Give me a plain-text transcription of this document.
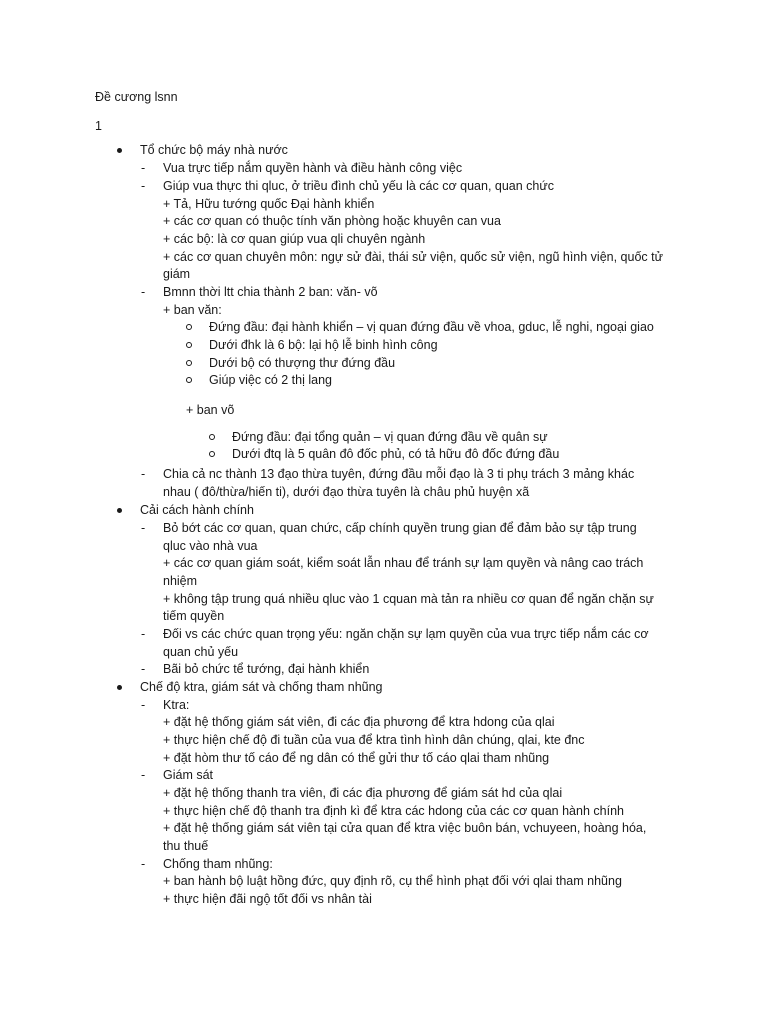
Đề cương lsnn
1
Tổ chức bộ máy nhà nước
- Vua trực tiếp nắm quyền hành và điều hành công việc
- Giúp vua thực thi qluc, ở triều đình chủ yếu là các cơ quan, quan chức
+ Tả, Hữu tướng quốc Đại hành khiển
+ các cơ quan có thuộc tính văn phòng hoặc khuyên can vua
+ các bộ: là cơ quan giúp vua qli chuyên ngành
+ các cơ quan chuyên môn: ngự sử đài, thái sử viện, quốc sử viện, ngũ hình viện, quốc tử
giám
- Bmnn thời ltt chia thành 2 ban: văn- võ
+ ban văn:
Đứng đầu: đại hành khiển – vị quan đứng đầu về vhoa, gduc, lễ nghi, ngoại giao
Dưới đhk là 6 bộ: lại hộ lễ binh hình công
Dưới bộ có thượng thư đứng đầu
Giúp việc có 2 thị lang
+ ban võ
Đứng đầu: đại tổng quản – vị quan đứng đầu về quân sự
Dưới đtq là 5 quân đô đốc phủ, có tả hữu đô đốc đứng đầu
- Chia cả nc thành 13 đạo thừa tuyên, đứng đầu mỗi đạo là 3 ti phụ trách 3 mảng khác
nhau ( đô/thừa/hiến ti), dưới đạo thừa tuyên là châu phủ huyện xã
Cải cách hành chính
- Bỏ bớt các cơ quan, quan chức, cấp chính quyền trung gian để đảm bảo sự tập trung
qluc vào nhà vua
+ các cơ quan giám soát, kiểm soát lẫn nhau để tránh sự lạm quyền và nâng cao trách
nhiệm
+ không tập trung quá nhiều qluc vào 1 cquan mà tản ra nhiều cơ quan để ngăn chặn sự
tiếm quyền
- Đối vs các chức quan trọng yếu: ngăn chặn sự lạm quyền của vua trực tiếp nắm các cơ
quan chủ yếu
- Bãi bỏ chức tể tướng, đại hành khiển
Chế độ ktra, giám sát và chống tham nhũng
- Ktra:
+ đặt hệ thống giám sát viên, đi các địa phương để ktra hdong của qlai
+ thực hiện chế độ đi tuần của vua để ktra tình hình dân chúng, qlai, kte đnc
+ đặt hòm thư tố cáo để ng dân có thể gửi thư tố cáo qlai tham nhũng
- Giám sát
+ đặt hệ thống thanh tra viên, đi các địa phương để giám sát hd của qlai
+ thực hiện chế độ thanh tra định kì để ktra các hdong của các cơ quan hành chính
+ đặt hệ thống giám sát viên tại cửa quan để ktra việc buôn bán, vchuyeen, hoàng hóa,
thu thuế
- Chống tham nhũng:
+ ban hành bộ luật hồng đức, quy định rõ, cụ thể hình phạt đối với qlai tham nhũng
+ thực hiện đãi ngộ tốt đối vs nhân tài
